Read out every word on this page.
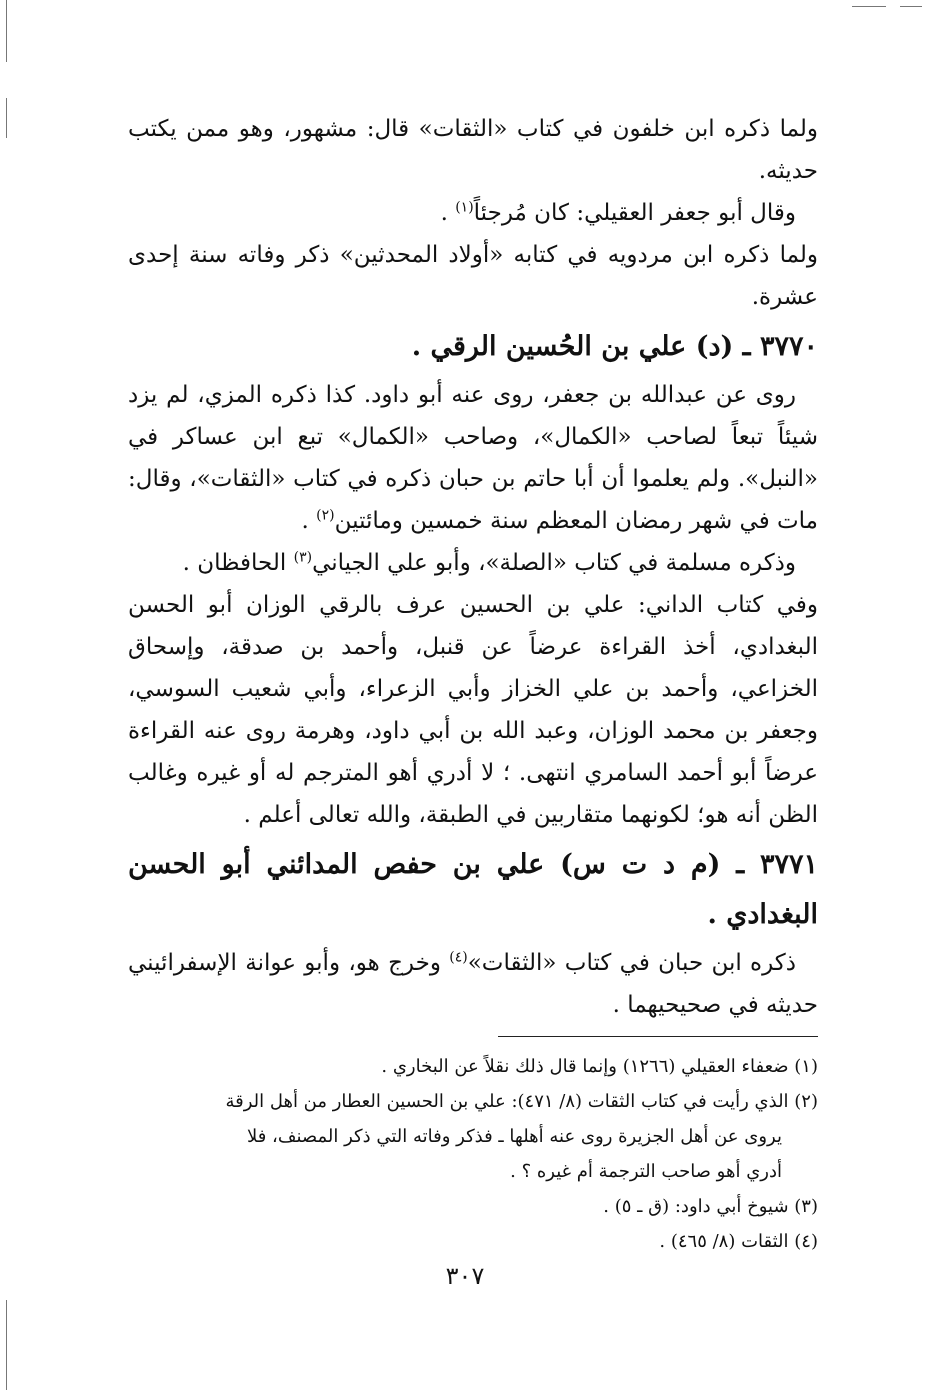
ولما ذكره ابن خلفون في كتاب «الثقات» قال: مشهور، وهو ممن يكتب حديثه.

وقال أبو جعفر العقيلي: كان مُرجئاً$^{(١)}$ .

ولما ذكره ابن مردويه في كتابه «أولاد المحدثين» ذكر وفاته سنة إحدى عشرة.

٣٧٧٠ ـ (د) علي بن الحُسين الرقي .

روى عن عبدالله بن جعفر، روى عنه أبو داود. كذا ذكره المزي، لم يزد شيئاً تبعاً لصاحب «الكمال»، وصاحب «الكمال» تبع ابن عساكر في «النبل». ولم يعلموا أن أبا حاتم بن حبان ذكره في كتاب «الثقات»، وقال: مات في شهر رمضان المعظم سنة خمسين ومائتين$^{(٢)}$ .

وذكره مسلمة في كتاب «الصلة»، وأبو علي الجياني$^{(٣)}$ الحافظان .

وفي كتاب الداني: علي بن الحسين عرف بالرقي الوزان أبو الحسن البغدادي، أخذ القراءة عرضاً عن قنبل، وأحمد بن صدقة، وإسحاق الخزاعي، وأحمد بن علي الخزاز وأبي الزعراء، وأبي شعيب السوسي، وجعفر بن محمد الوزان، وعبد الله بن أبي داود، وهرمة روى عنه القراءة عرضاً أبو أحمد السامري انتهى. ؛ لا أدري أهو المترجم له أو غيره وغالب الظن أنه هو؛ لكونهما متقاربين في الطبقة، والله تعالى أعلم .

٣٧٧١ ـ (م د ت س) علي بن حفص المدائني أبو الحسن البغدادي .

ذكره ابن حبان في كتاب «الثقات»$^{(٤)}$ وخرج هو، وأبو عوانة الإسفرائيني حديثه في صحيحيهما .

(١) ضعفاء العقيلي (١٢٦٦) وإنما قال ذلك نقلاً عن البخاري .

(٢) الذي رأيت في كتاب الثقات (٨/ ٤٧١): علي بن الحسين العطار من أهل الرقة

يروى عن أهل الجزيرة روى عنه أهلها ـ فذكر وفاته التي ذكر المصنف، فلا

أدري أهو صاحب الترجمة أم غيره ؟ .

(٣) شيوخ أبي داود: (ق ـ ٥) .

(٤) الثقات (٨/ ٤٦٥) .

٣٠٧
